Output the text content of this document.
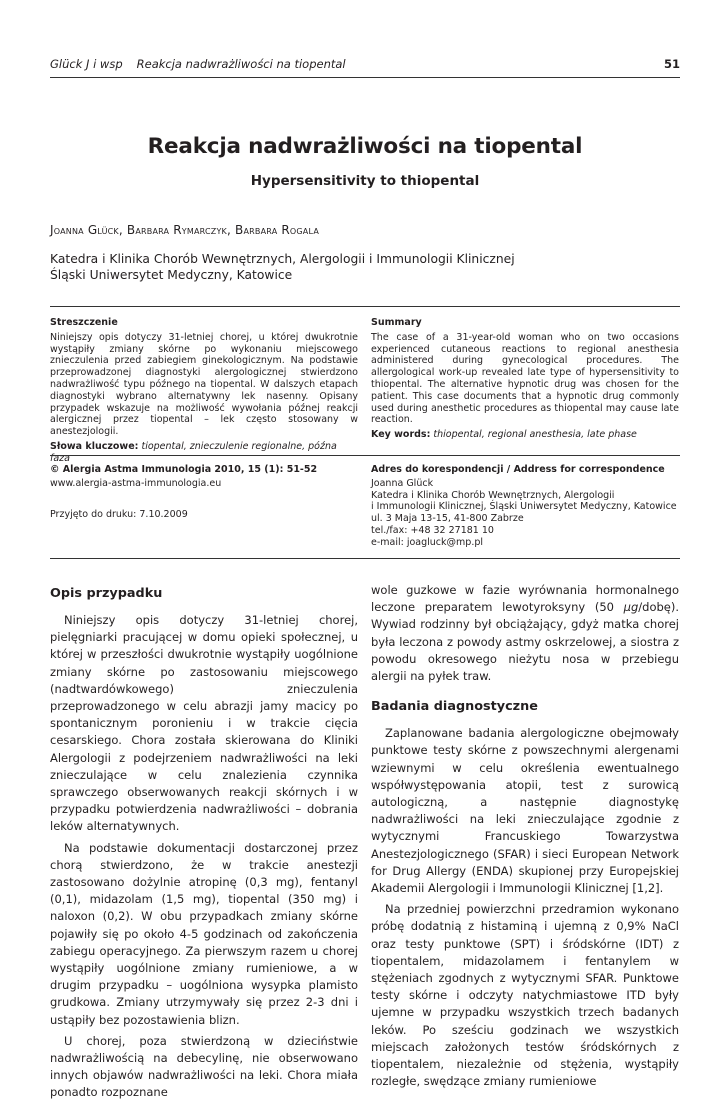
Glück J i wsp Reakcja nadwrażliwości na tiopental	51
Reakcja nadwrażliwości na tiopental
Hypersensitivity to thiopental
Joanna Glück, Barbara Rymarczyk, Barbara Rogala
Katedra i Klinika Chorób Wewnętrznych, Alergologii i Immunologii Klinicznej
Śląski Uniwersytet Medyczny, Katowice
Streszczenie
Niniejszy opis dotyczy 31-letniej chorej, u której dwukrotnie wystąpiły zmiany skórne po wykonaniu miejscowego znieczulenia przed zabiegiem ginekologicznym. Na podstawie przeprowadzonej diagnostyki alergologicznej stwierdzono nadwrażliwość typu późnego na tiopental. W dalszych etapach diagnostyki wybrano alternatywny lek nasenny. Opisany przypadek wskazuje na możliwość wywołania późnej reakcji alergicznej przez tiopental – lek często stosowany w anestezjologii.
Słowa kluczowe: tiopental, znieczulenie regionalne, późna faza
Summary
The case of a 31-year-old woman who on two occasions experienced cutaneous reactions to regional anesthesia administered during gynecological procedures. The allergological work-up revealed late type of hypersensitivity to thiopental. The alternative hypnotic drug was chosen for the patient. This case documents that a hypnotic drug commonly used during anesthetic procedures as thiopental may cause late reaction.
Key words: thiopental, regional anesthesia, late phase
© Alergia Astma Immunologia 2010, 15 (1): 51-52
www.alergia-astma-immunologia.eu
Przyjęto do druku: 7.10.2009
Adres do korespondencji / Address for correspondence
Joanna Glück
Katedra i Klinika Chorób Wewnętrznych, Alergologii
i Immunologii Klinicznej, Śląski Uniwersytet Medyczny, Katowice
ul. 3 Maja 13-15, 41-800 Zabrze
tel./fax: +48 32 27181 10
e-mail: joagluck@mp.pl
Opis przypadku

Niniejszy opis dotyczy 31-letniej chorej, pielęgniarki pracującej w domu opieki społecznej, u której w przeszłości dwukrotnie wystąpiły uogólnione zmiany skórne po zastosowaniu miejscowego (nadtwardówkowego) znieczulenia przeprowadzonego w celu abrazji jamy macicy po spontanicznym poronieniu i w trakcie cięcia cesarskiego. Chora została skierowana do Kliniki Alergologii z podejrzeniem nadwrażliwości na leki znieczulające w celu znalezienia czynnika sprawczego obserwowanych reakcji skórnych i w przypadku potwierdzenia nadwrażliwości – dobrania leków alternatywnych.

Na podstawie dokumentacji dostarczonej przez chorą stwierdzono, że w trakcie anestezji zastosowano dożylnie atropinę (0,3 mg), fentanyl (0,1), midazolam (1,5 mg), tiopental (350 mg) i naloxon (0,2). W obu przypadkach zmiany skórne pojawiły się po około 4-5 godzinach od zakończenia zabiegu operacyjnego. Za pierwszym razem u chorej wystąpiły uogólnione zmiany rumieniowe, a w drugim przypadku – uogólniona wysypka plamisto grudkowa. Zmiany utrzymywały się przez 2-3 dni i ustąpiły bez pozostawienia blizn.

U chorej, poza stwierdzoną w dzieciństwie nadwrażliwością na debecylinę, nie obserwowano innych objawów nadwrażliwości na leki. Chora miała ponadto rozpoznane

wole guzkowe w fazie wyrównania hormonalnego leczone preparatem lewotyroksyny (50 μg/dobę). Wywiad rodzinny był obciążający, gdyż matka chorej była leczona z powody astmy oskrzelowej, a siostra z powodu okresowego nieżytu nosa w przebiegu alergii na pyłek traw.

Badania diagnostyczne

Zaplanowane badania alergologiczne obejmowały punktowe testy skórne z powszechnymi alergenami wziewnymi w celu określenia ewentualnego współwystępowania atopii, test z surowicą autologiczną, a następnie diagnostykę nadwrażliwości na leki znieczulające zgodnie z wytycznymi Francuskiego Towarzystwa Anestezjologicznego (SFAR) i sieci European Network for Drug Allergy (ENDA) skupionej przy Europejskiej Akademii Alergologii i Immunologii Klinicznej [1,2].

Na przedniej powierzchni przedramion wykonano próbę dodatnią z histaminą i ujemną z 0,9% NaCl oraz testy punktowe (SPT) i śródskórne (IDT) z tiopentalem, midazolamem i fentanylem w stężeniach zgodnych z wytycznymi SFAR. Punktowe testy skórne i odczyty natychmiastowe ITD były ujemne w przypadku wszystkich trzech badanych leków. Po sześciu godzinach we wszystkich miejscach założonych testów śródskórnych z tiopentalem, niezależnie od stężenia, wystąpiły rozległe, swędzące zmiany rumieniowe
